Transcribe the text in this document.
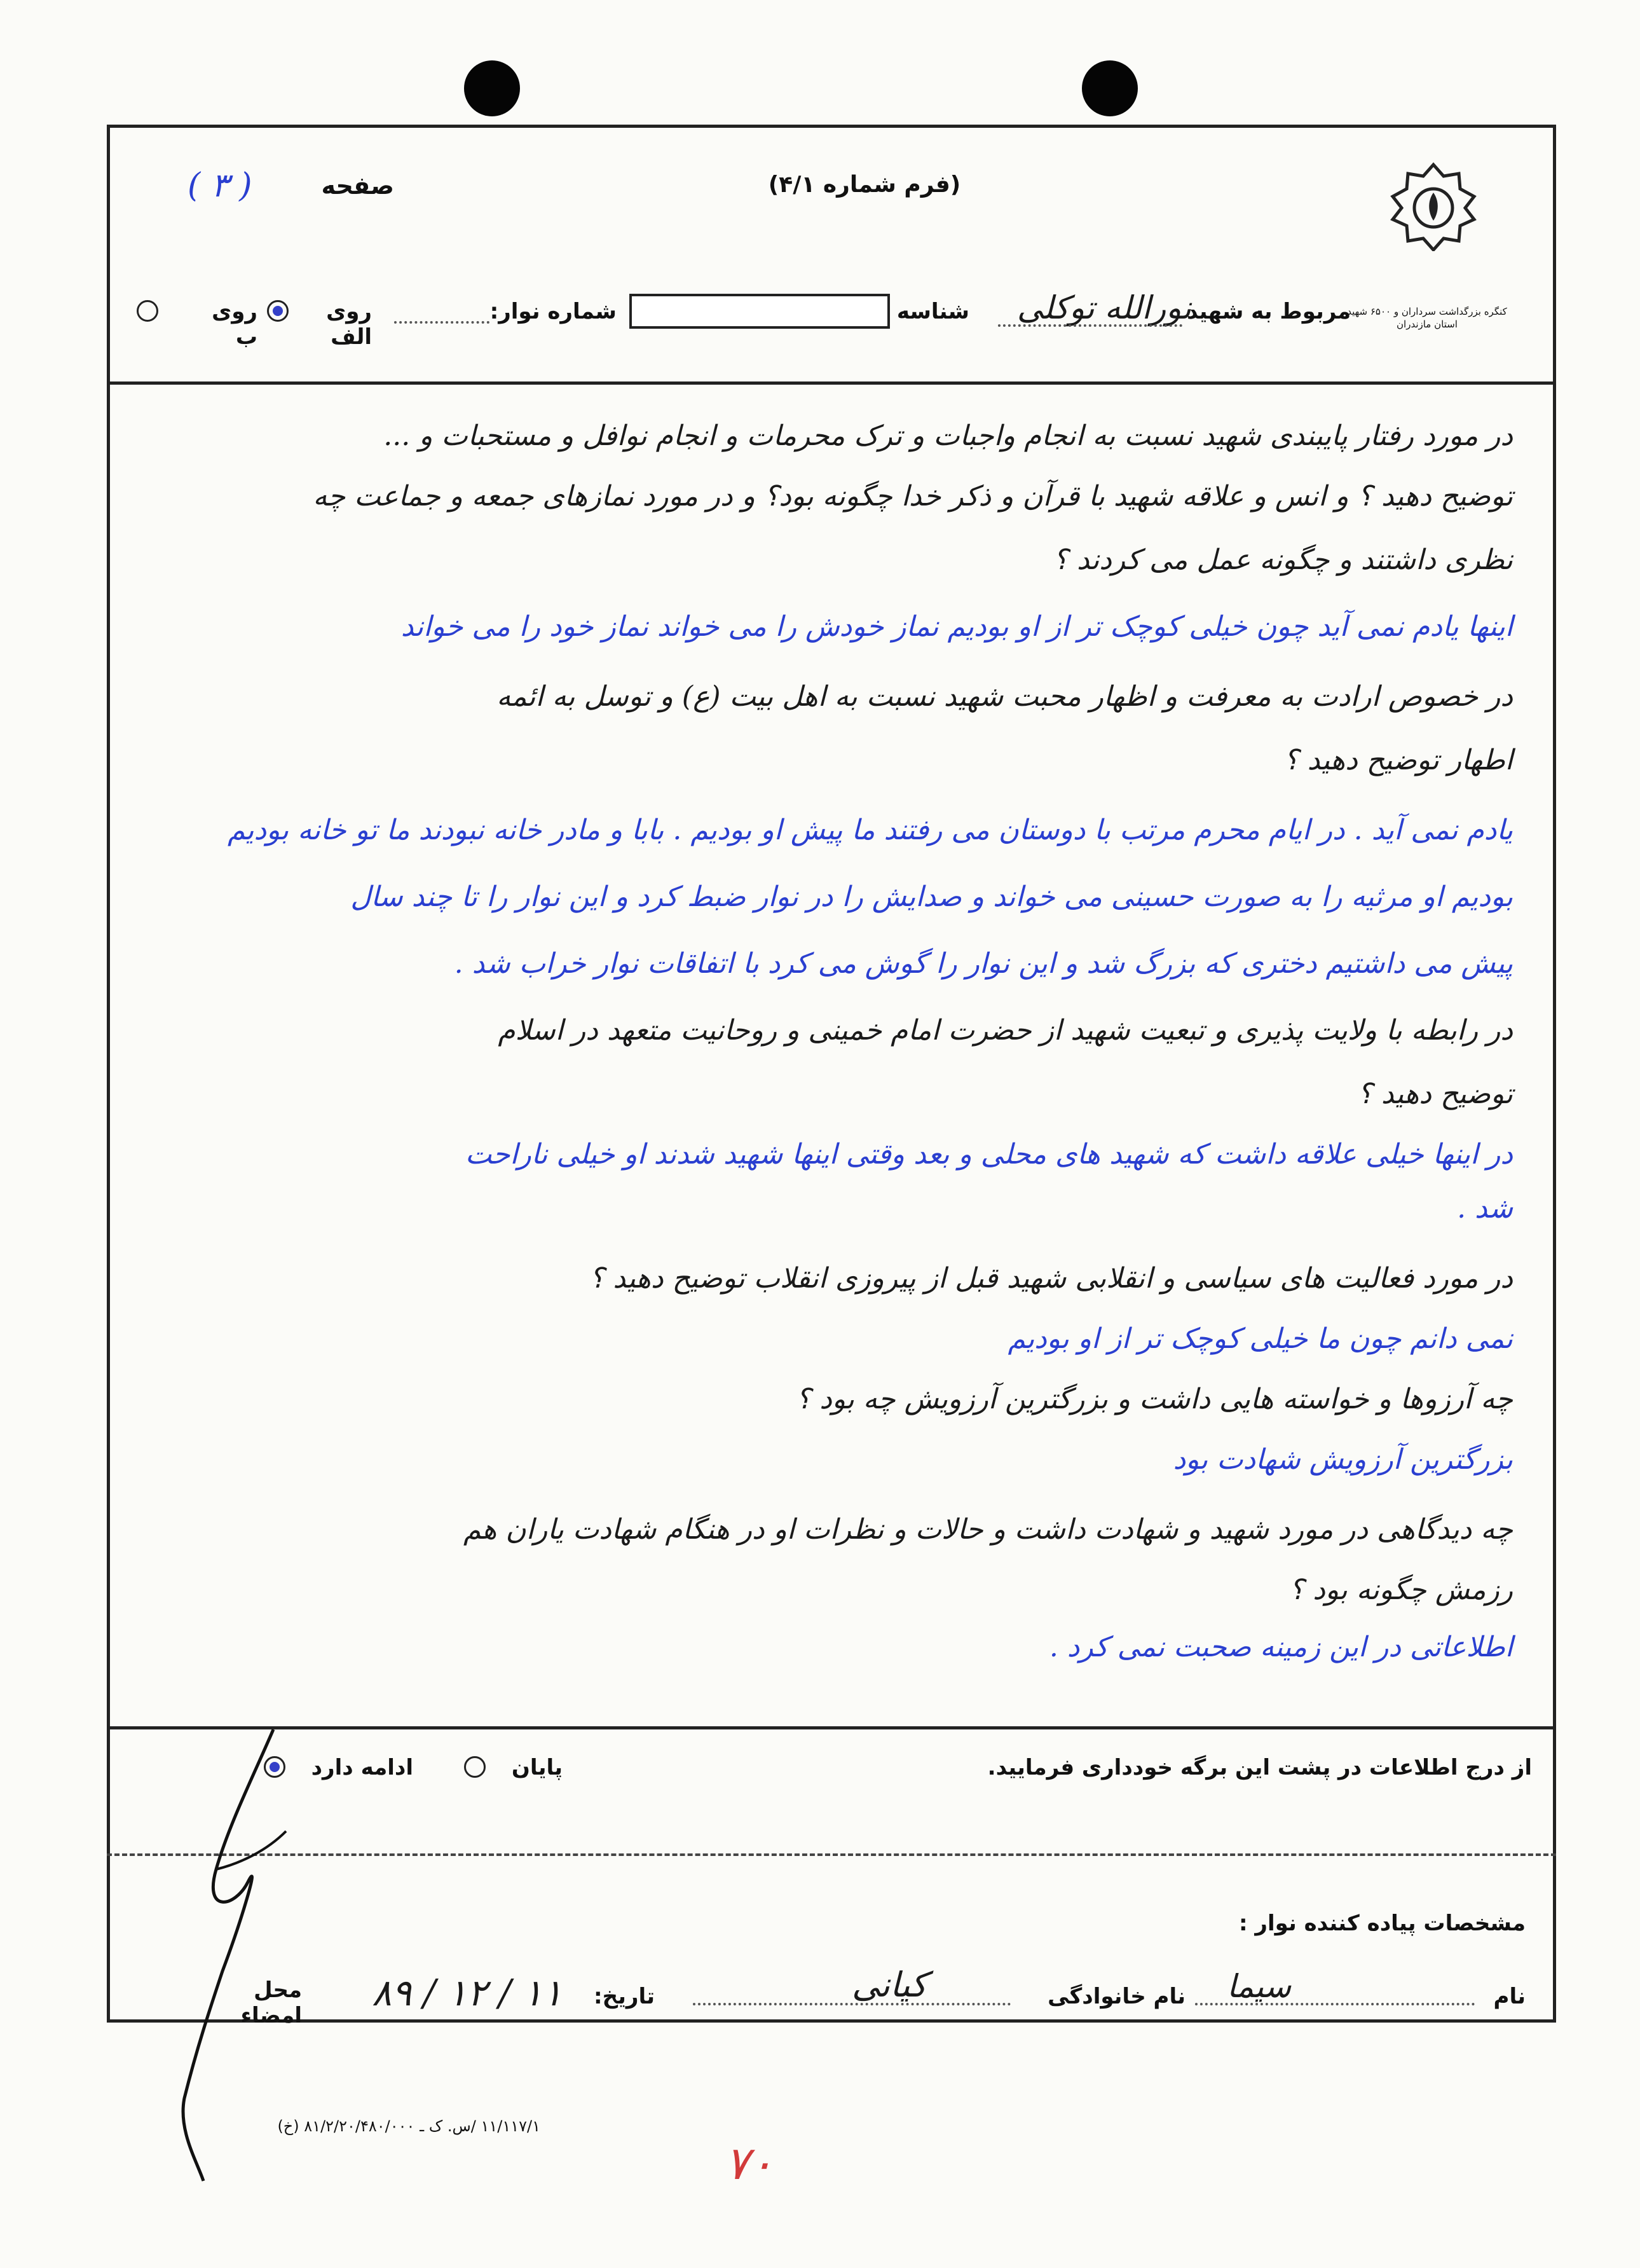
کنگره بزرگداشت سرداران و ۶۵۰۰ شهید استان مازندران
(فرم شماره ۴/۱)
صفحه
( ۳ )
مربوط به شهید
نورالله توکلی
شناسه
شماره نوار:
روی الف
روی ب
در مورد رفتار پایبندی شهید نسبت به انجام واجبات و ترک محرمات و انجام نوافل و مستحبات و ...
توضیح دهید ؟ و انس و علاقه شهید با قرآن و ذکر خدا چگونه بود؟ و در مورد نمازهای جمعه و جماعت چه
نظری داشتند و چگونه عمل می کردند ؟
اینها یادم نمی آید چون خیلی کوچک تر از او بودیم نماز خودش را می خواند نماز خود را می خواند
در خصوص ارادت به معرفت و اظهار محبت شهید نسبت به اهل بیت (ع) و توسل به ائمه
اطهار توضیح دهید ؟
یادم نمی آید . در ایام محرم مرتب با دوستان می رفتند ما پیش او بودیم . بابا و مادر خانه نبودند ما تو خانه بودیم
بودیم او مرثیه را به صورت حسینی می خواند و صدایش را در نوار ضبط کرد و این نوار را تا چند سال
پیش می داشتیم دختری که بزرگ شد و این نوار را گوش می کرد با اتفاقات نوار خراب شد .
در رابطه با ولایت پذیری و تبعیت شهید از حضرت امام خمینی و روحانیت متعهد در اسلام
توضیح دهید ؟
در اینها خیلی علاقه داشت که شهید های محلی و بعد وقتی اینها شهید شدند او خیلی ناراحت
شد .
در مورد فعالیت های سیاسی و انقلابی شهید قبل از پیروزی انقلاب توضیح دهید ؟
نمی دانم چون ما خیلی کوچک تر از او بودیم
چه آرزوها و خواسته هایی داشت و بزرگترین آرزویش چه بود ؟
بزرگترین آرزویش شهادت بود
چه دیدگاهی در مورد شهید و شهادت داشت و حالات و نظرات او در هنگام شهادت یاران هم
رزمش چگونه بود ؟
اطلاعاتی در این زمینه صحبت نمی کرد .
از درج اطلاعات در پشت این برگه خودداری فرمایید.
پایان
ادامه دارد
مشخصات پیاده کننده نوار :
نام
سیما
نام خانوادگی
کیانی
تاریخ:
۸۹ / ۱۲ / ۱۱
محل امضاء
۱۱/۱۱۷/۱ /س. ک ـ ۸۱/۲/۲۰/۴۸۰/۰۰۰ (خ)
۷۰
